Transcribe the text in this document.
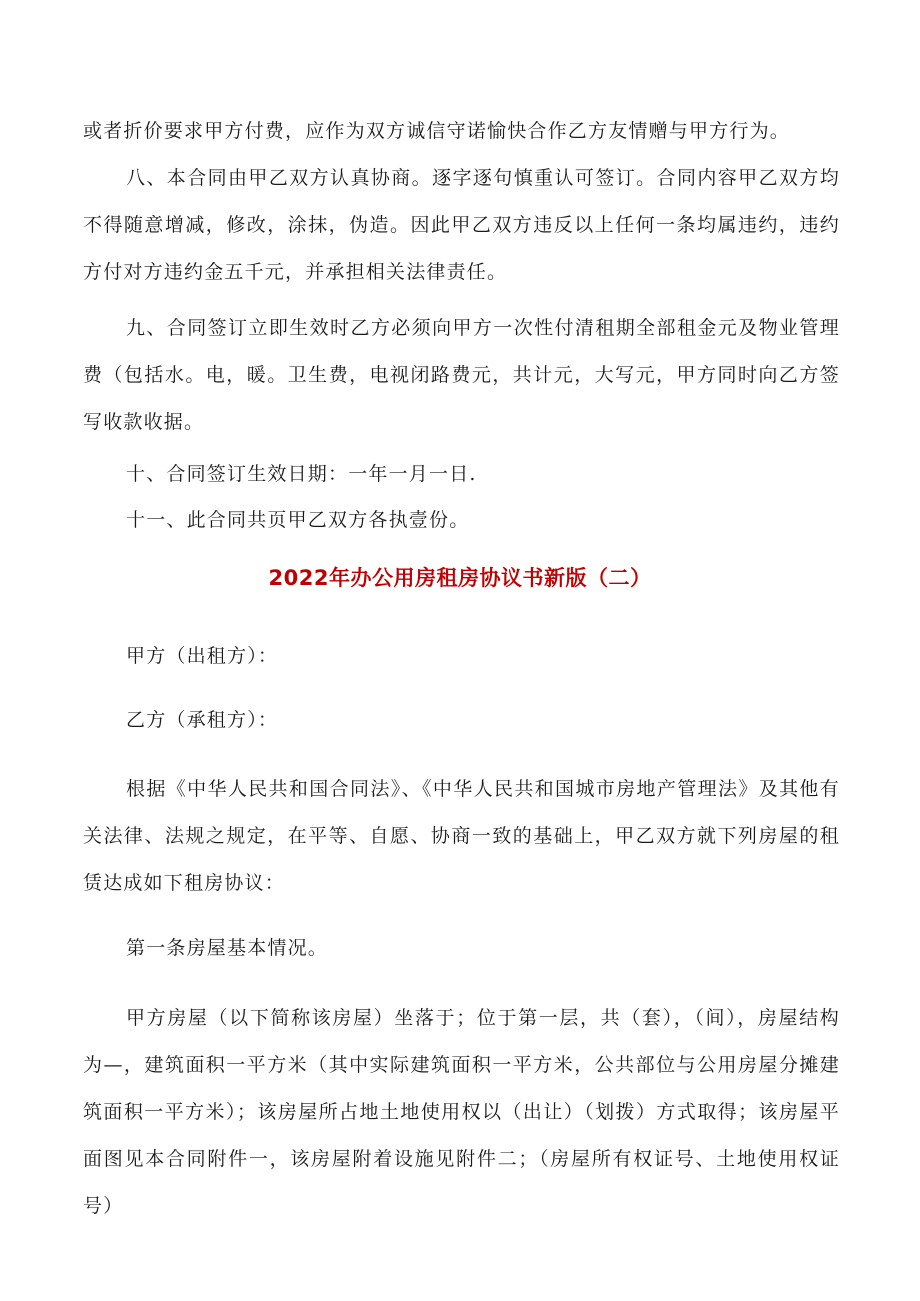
或者折价要求甲方付费，应作为双方诚信守诺愉快合作乙方友情赠与甲方行为。

八、本合同由甲乙双方认真协商。逐字逐句慎重认可签订。合同内容甲乙双方均不得随意增减，修改，涂抹，伪造。因此甲乙双方违反以上任何一条均属违约，违约方付对方违约金五千元，并承担相关法律责任。

九、合同签订立即生效时乙方必须向甲方一次性付清租期全部租金元及物业管理费（包括水。电，暖。卫生费，电视闭路费元，共计元，大写元，甲方同时向乙方签写收款收据。

十、合同签订生效日期：一年一月一日.

十一、此合同共页甲乙双方各执壹份。

2022年办公用房租房协议书新版（二）

甲方（出租方）：

乙方（承租方）：

根据《中华人民共和国合同法》、《中华人民共和国城市房地产管理法》及其他有关法律、法规之规定，在平等、自愿、协商一致的基础上，甲乙双方就下列房屋的租赁达成如下租房协议：

第一条房屋基本情况。

甲方房屋（以下简称该房屋）坐落于；位于第一层，共（套），（间），房屋结构为—，建筑面积一平方米（其中实际建筑面积一平方米，公共部位与公用房屋分摊建筑面积一平方米）；该房屋所占地土地使用权以（出让）（划拨）方式取得；该房屋平面图见本合同附件一，该房屋附着设施见附件二；（房屋所有权证号、土地使用权证号）
